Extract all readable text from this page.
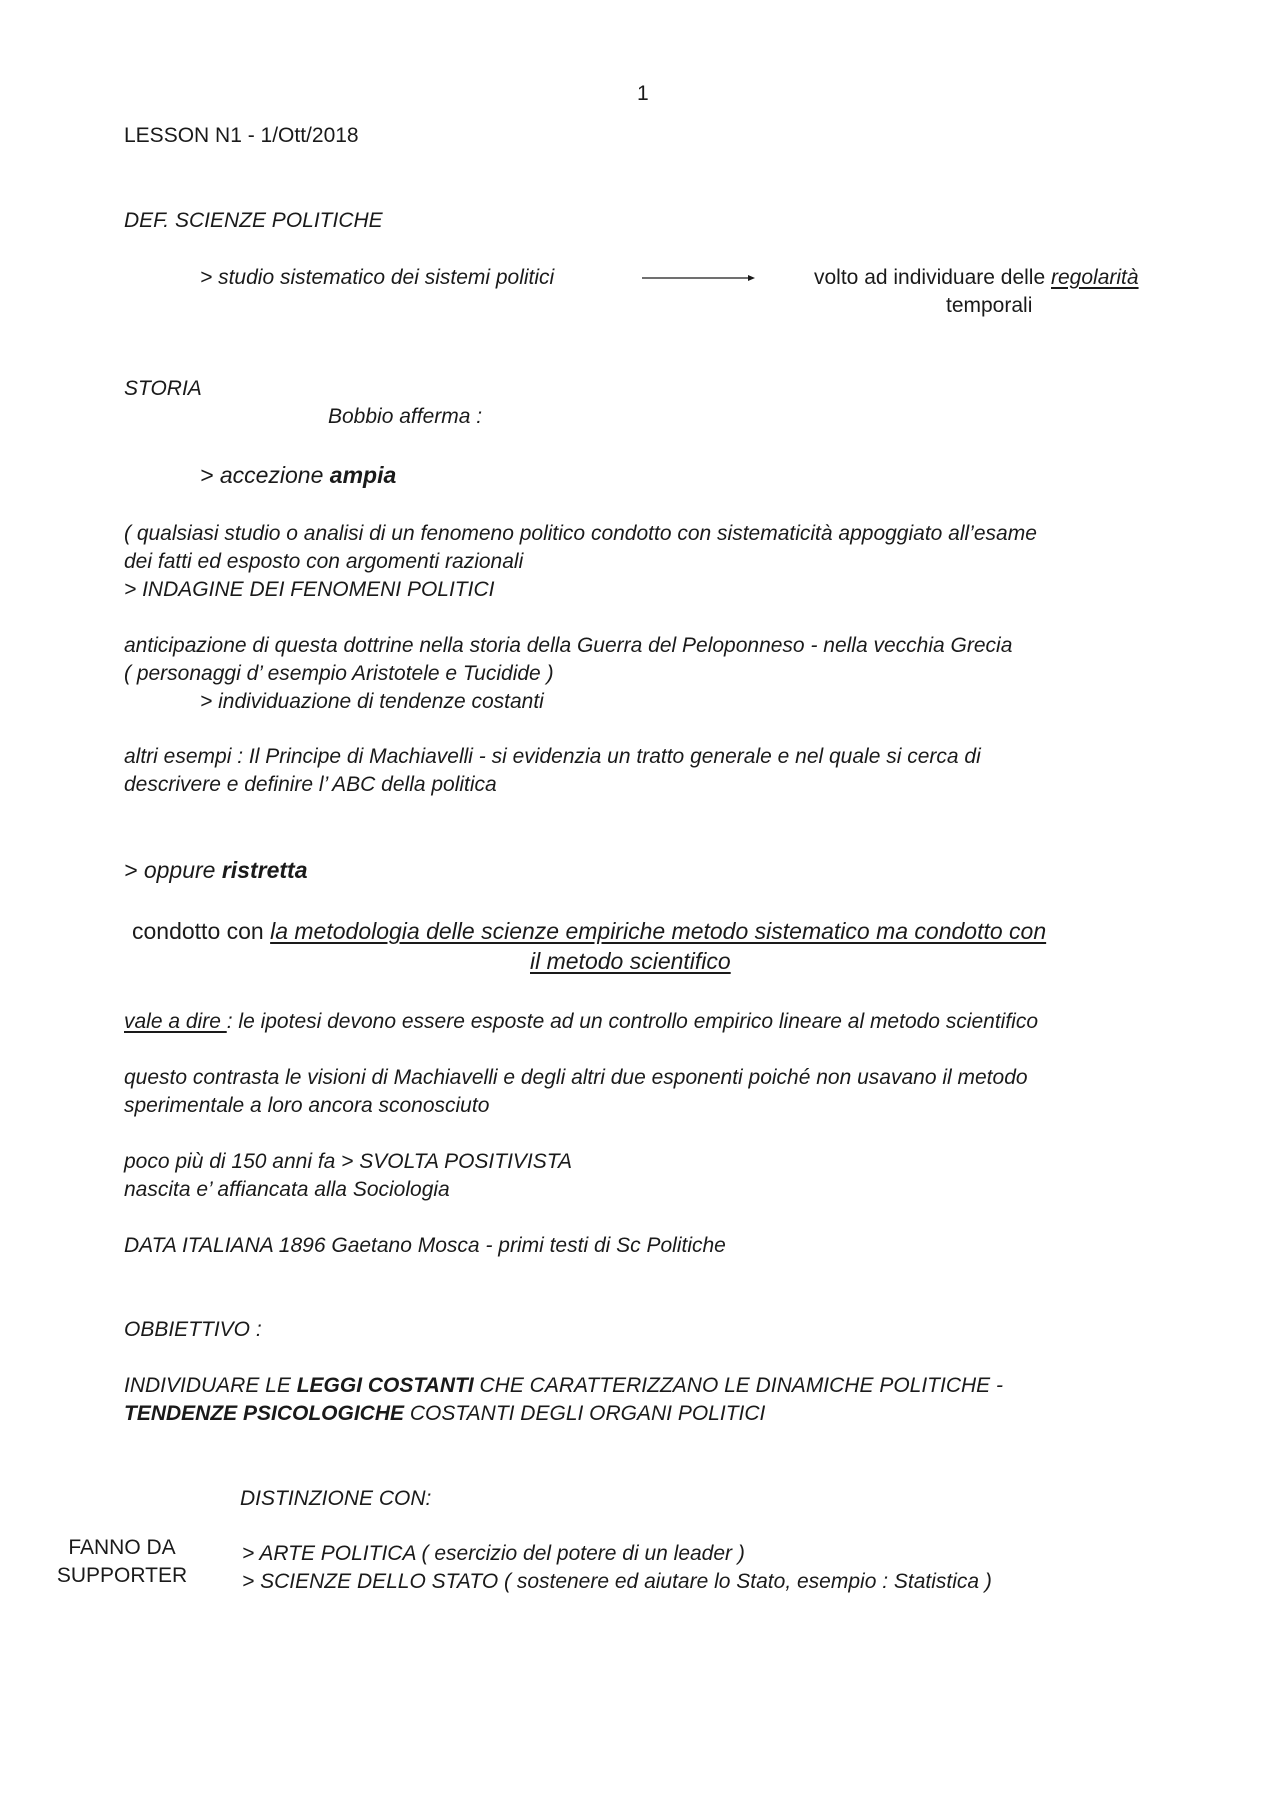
1
LESSON N1 - 1/Ott/2018
DEF. SCIENZE POLITICHE
> studio sistematico dei sistemi politici	volto ad individuare delle regolarità
temporali
STORIA
Bobbio afferma :
> accezione ampia
( qualsiasi studio o analisi di un fenomeno politico condotto con sistematicità appoggiato all’esame
dei fatti ed esposto con argomenti razionali
> INDAGINE DEI FENOMENI POLITICI
anticipazione di questa dottrine nella storia della Guerra del Peloponneso - nella vecchia Grecia
( personaggi d’ esempio Aristotele e Tucidide )
> individuazione di tendenze costanti
altri esempi : Il Principe di Machiavelli - si evidenzia un tratto generale e nel quale si cerca di
descrivere e definire l’ ABC della politica
> oppure ristretta
condotto con la metodologia delle scienze empiriche metodo sistematico ma condotto con
il metodo scientifico
vale a dire : le ipotesi devono essere esposte ad un controllo empirico lineare al metodo scientifico
questo contrasta le visioni di Machiavelli e degli altri due esponenti poiché non usavano il metodo
sperimentale a loro ancora sconosciuto
poco più di 150 anni fa > SVOLTA POSITIVISTA
nascita e’ affiancata alla Sociologia
DATA ITALIANA 1896 Gaetano Mosca - primi testi di Sc Politiche
OBBIETTIVO :
INDIVIDUARE LE LEGGI COSTANTI CHE CARATTERIZZANO LE DINAMICHE POLITICHE -
TENDENZE PSICOLOGICHE COSTANTI DEGLI ORGANI POLITICI
DISTINZIONE CON:
FANNO DA
SUPPORTER
> ARTE POLITICA ( esercizio del potere di un leader )
> SCIENZE DELLO STATO ( sostenere ed aiutare lo Stato, esempio : Statistica )
